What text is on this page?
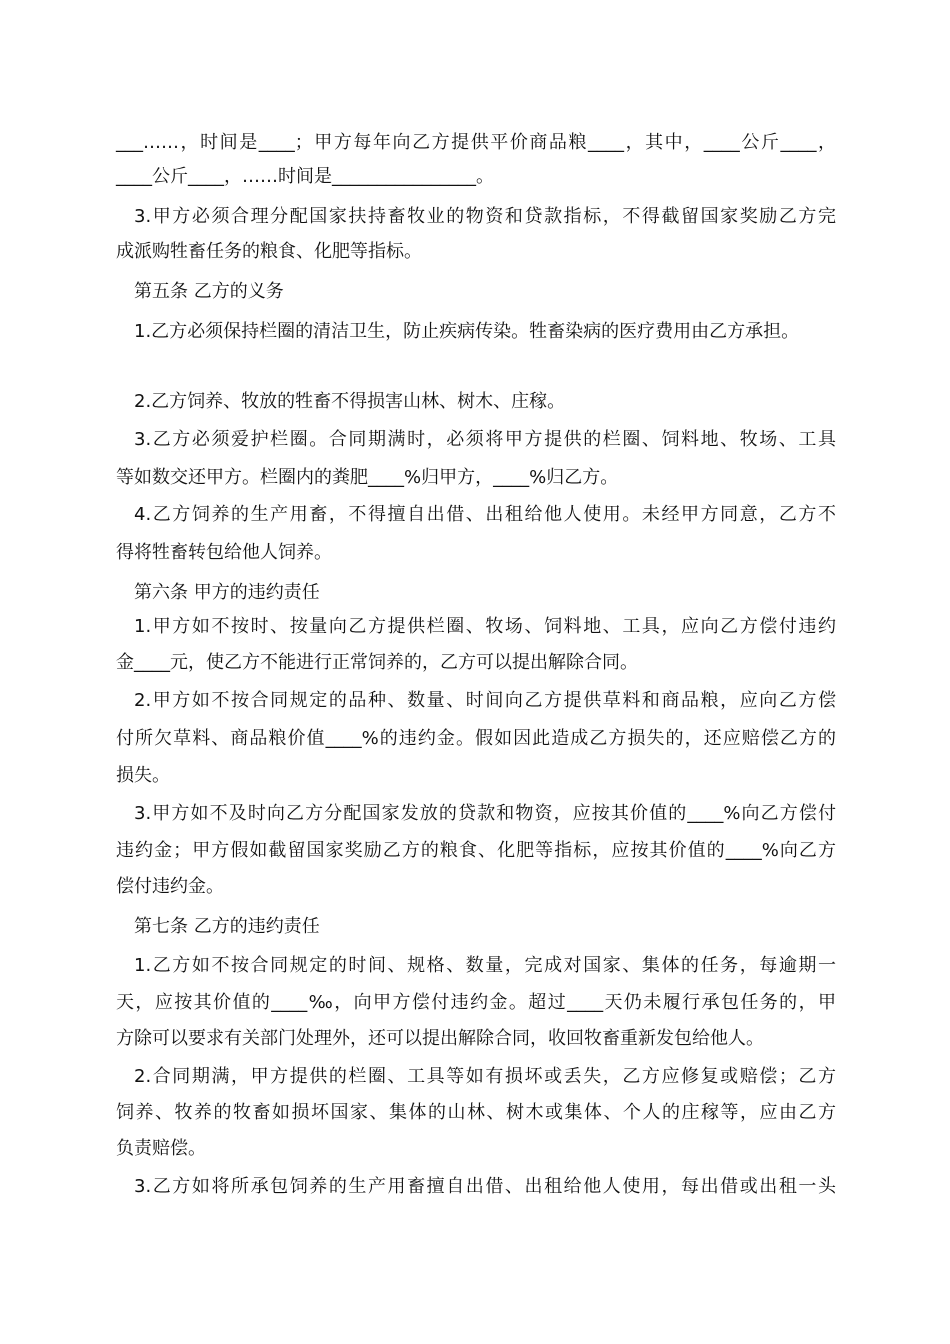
___……，时间是____；甲方每年向乙方提供平价商品粮____，其中，____公斤____，
____公斤____，……时间是________________。
3.甲方必须合理分配国家扶持畜牧业的物资和贷款指标，不得截留国家奖励乙方完
成派购牲畜任务的粮食、化肥等指标。
第五条 乙方的义务
1.乙方必须保持栏圈的清洁卫生，防止疾病传染。牲畜染病的医疗费用由乙方承担。
2.乙方饲养、牧放的牲畜不得损害山林、树木、庄稼。
3.乙方必须爱护栏圈。合同期满时，必须将甲方提供的栏圈、饲料地、牧场、工具
等如数交还甲方。栏圈内的粪肥____%归甲方，____%归乙方。
4.乙方饲养的生产用畜，不得擅自出借、出租给他人使用。未经甲方同意，乙方不
得将牲畜转包给他人饲养。
第六条 甲方的违约责任
1.甲方如不按时、按量向乙方提供栏圈、牧场、饲料地、工具，应向乙方偿付违约
金____元，使乙方不能进行正常饲养的，乙方可以提出解除合同。
2.甲方如不按合同规定的品种、数量、时间向乙方提供草料和商品粮，应向乙方偿
付所欠草料、商品粮价值____%的违约金。假如因此造成乙方损失的，还应赔偿乙方的
损失。
3.甲方如不及时向乙方分配国家发放的贷款和物资，应按其价值的____%向乙方偿付
违约金；甲方假如截留国家奖励乙方的粮食、化肥等指标，应按其价值的____%向乙方
偿付违约金。
第七条 乙方的违约责任
1.乙方如不按合同规定的时间、规格、数量，完成对国家、集体的任务，每逾期一
天，应按其价值的____‰，向甲方偿付违约金。超过____天仍未履行承包任务的，甲
方除可以要求有关部门处理外，还可以提出解除合同，收回牧畜重新发包给他人。
2.合同期满，甲方提供的栏圈、工具等如有损坏或丢失，乙方应修复或赔偿；乙方
饲养、牧养的牧畜如损坏国家、集体的山林、树木或集体、个人的庄稼等，应由乙方
负责赔偿。
3.乙方如将所承包饲养的生产用畜擅自出借、出租给他人使用，每出借或出租一头
